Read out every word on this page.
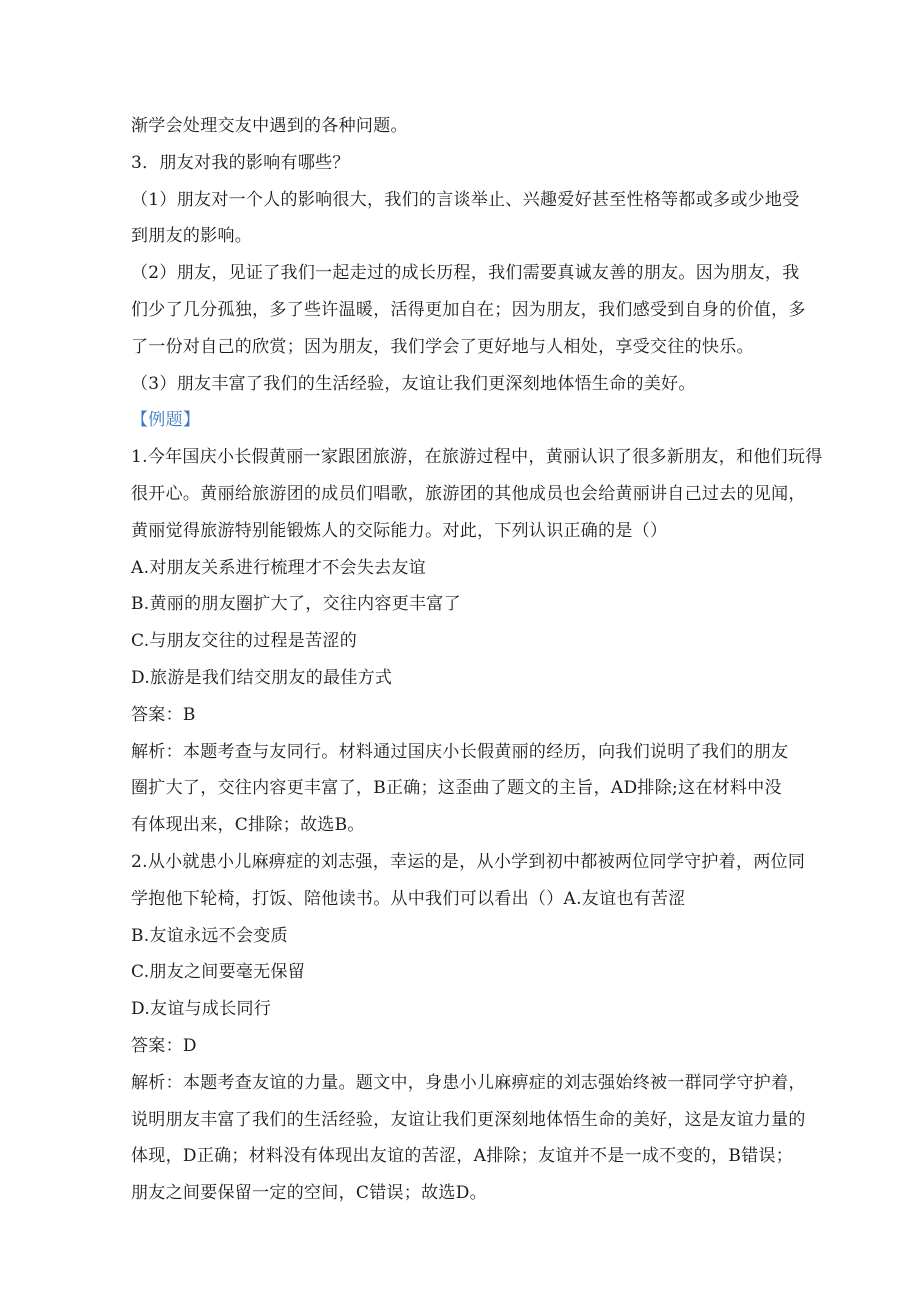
渐学会处理交友中遇到的各种问题。

3．朋友对我的影响有哪些？

（1）朋友对一个人的影响很大，我们的言谈举止、兴趣爱好甚至性格等都或多或少地受

到朋友的影响。

（2）朋友，见证了我们一起走过的成长历程，我们需要真诚友善的朋友。因为朋友，我

们少了几分孤独，多了些许温暖，活得更加自在；因为朋友，我们感受到自身的价值，多

了一份对自己的欣赏；因为朋友，我们学会了更好地与人相处，享受交往的快乐。

（3）朋友丰富了我们的生活经验，友谊让我们更深刻地体悟生命的美好。

【例题】

1.今年国庆小长假黄丽一家跟团旅游，在旅游过程中，黄丽认识了很多新朋友，和他们玩得

很开心。黄丽给旅游团的成员们唱歌，旅游团的其他成员也会给黄丽讲自己过去的见闻，

黄丽觉得旅游特别能锻炼人的交际能力。对此，下列认识正确的是（）

A.对朋友关系进行梳理才不会失去友谊

B.黄丽的朋友圈扩大了，交往内容更丰富了

C.与朋友交往的过程是苦涩的

D.旅游是我们结交朋友的最佳方式

答案：B

解析：本题考查与友同行。材料通过国庆小长假黄丽的经历，向我们说明了我们的朋友

圈扩大了，交往内容更丰富了，B正确；这歪曲了题文的主旨，AD排除;这在材料中没

有体现出来，C排除；故选B。

2.从小就患小儿麻痹症的刘志强，幸运的是，从小学到初中都被两位同学守护着，两位同

学抱他下轮椅，打饭、陪他读书。从中我们可以看出（）A.友谊也有苦涩

B.友谊永远不会变质

C.朋友之间要毫无保留

D.友谊与成长同行

答案：D

解析：本题考查友谊的力量。题文中，身患小儿麻痹症的刘志强始终被一群同学守护着，

说明朋友丰富了我们的生活经验，友谊让我们更深刻地体悟生命的美好，这是友谊力量的

体现，D正确；材料没有体现出友谊的苦涩，A排除；友谊并不是一成不变的，B错误；

朋友之间要保留一定的空间，C错误；故选D。
